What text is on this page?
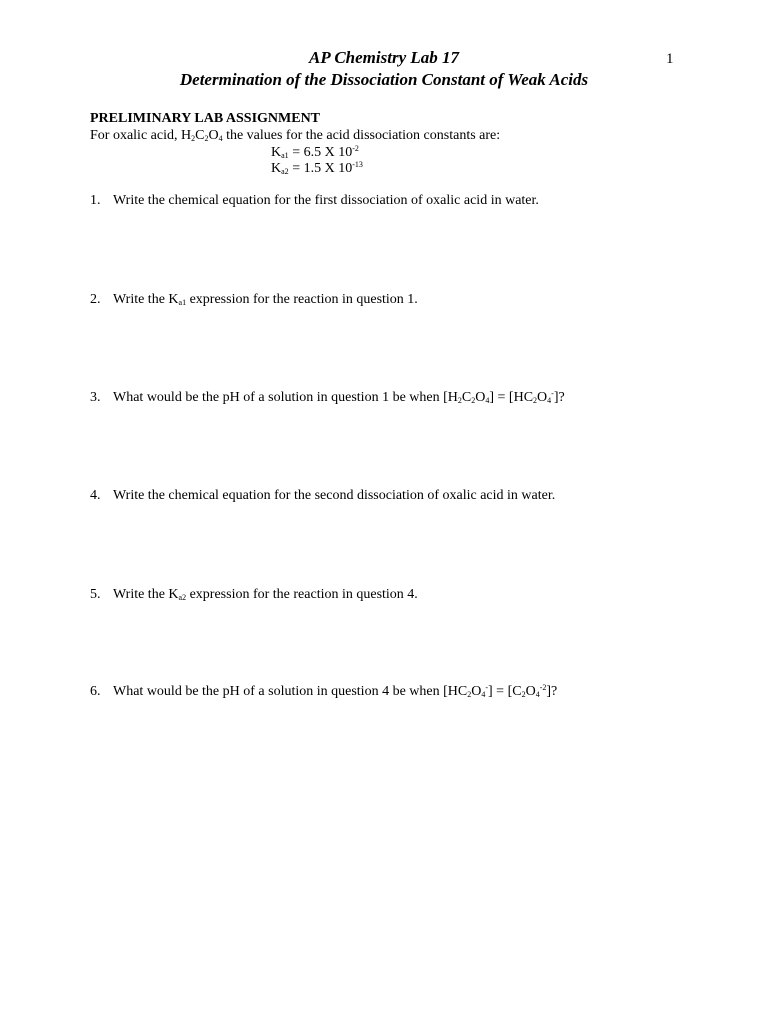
1
AP Chemistry Lab 17
Determination of the Dissociation Constant of Weak Acids
PRELIMINARY LAB ASSIGNMENT
For oxalic acid, $H_2C_2O_4$ the values for the acid dissociation constants are:
$K_{a1} = 6.5$ X $10^{-2}$
$K_{a2} = 1.5$ X $10^{-13}$
1. Write the chemical equation for the first dissociation of oxalic acid in water.
2. Write the $K_{a1}$ expression for the reaction in question 1.
3. What would be the pH of a solution in question 1 be when $[H_2C_2O_4] = [HC_2O_4^-]$?
4. Write the chemical equation for the second dissociation of oxalic acid in water.
5. Write the $K_{a2}$ expression for the reaction in question 4.
6. What would be the pH of a solution in question 4 be when $[HC_2O_4^-] = [C_2O_4^{-2}]$?
